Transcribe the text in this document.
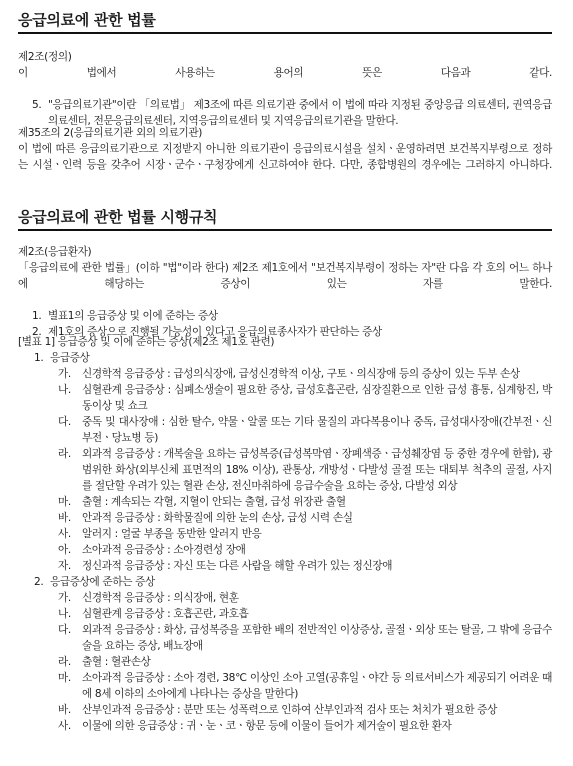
응급의료에 관한 법률
제2조(정의)
이 법에서 사용하는 용어의 뜻은 다음과 같다.
5. "응급의료기관"이란 「의료법」 제3조에 따른 의료기관 중에서 이 법에 따라 지정된 중앙응급 의료센터, 권역응급의료센터, 전문응급의료센터, 지역응급의료센터 및 지역응급의료기관을 말한다.
제35조의 2(응급의료기관 외의 의료기관)
이 법에 따른 응급의료기관으로 지정받지 아니한 의료기관이 응급의료시설을 설치ㆍ운영하려면 보건복지부령으로 정하는 시설ㆍ인력 등을 갖추어 시장ㆍ군수ㆍ구청장에게 신고하여야 한다. 다만, 종합병원의 경우에는 그러하지 아니하다.
응급의료에 관한 법률 시행규칙
제2조(응급환자)
「응급의료에 관한 법률」(이하 "법"이라 한다) 제2조 제1호에서 "보건복지부령이 정하는 자"란 다음 각 호의 어느 하나에 해당하는 증상이 있는 자를 말한다.
1. 별표1의 응급증상 및 이에 준하는 증상
2. 제1호의 증상으로 진행될 가능성이 있다고 응급의료종사자가 판단하는 증상
[별표 1] 응급증상 및 이에 준하는 증상(제2조 제1호 관련)
1. 응급증상
가. 신경학적 응급증상 : 급성의식장애, 급성신경학적 이상, 구토ㆍ의식장애 등의 증상이 있는 두부 손상
나. 심혈관계 응급증상 : 심폐소생술이 필요한 증상, 급성호흡곤란, 심장질환으로 인한 급성 흉통, 심계항진, 박동이상 및 쇼크
다. 중독 및 대사장애 : 심한 탈수, 약물ㆍ알콜 또는 기타 물질의 과다복용이나 중독, 급성대사장애(간부전ㆍ신부전ㆍ당뇨병 등)
라. 외과적 응급증상 : 개복술을 요하는 급성복증(급성복막염ㆍ장폐색증ㆍ급성췌장염 등 중한 경우에 한함), 광범위한 화상(외부신체 표면적의 18% 이상), 관통상, 개방성ㆍ다발성 골절 또는 대퇴부 척추의 골절, 사지를 절단할 우려가 있는 혈관 손상, 전신마취하에 응급수술을 요하는 증상, 다발성 외상
마. 출혈 : 계속되는 각혈, 지혈이 안되는 출혈, 급성 위장관 출혈
바. 안과적 응급증상 : 화학물질에 의한 눈의 손상, 급성 시력 손실
사. 알러지 : 얼굴 부종을 동반한 알러지 반응
아. 소아과적 응급증상 : 소아경련성 장애
자. 정신과적 응급증상 : 자신 또는 다른 사람을 해할 우려가 있는 정신장애
2. 응급증상에 준하는 증상
가. 신경학적 응급증상 : 의식장애, 현훈
나. 심혈관계 응급증상 : 호흡곤란, 과호흡
다. 외과적 응급증상 : 화상, 급성복증을 포함한 배의 전반적인 이상증상, 골절ㆍ외상 또는 탈골, 그 밖에 응급수술을 요하는 증상, 배뇨장애
라. 출혈 : 혈관손상
마. 소아과적 응급증상 : 소아 경련, 38℃ 이상인 소아 고열(공휴일ㆍ야간 등 의료서비스가 제공되기 어려운 때에 8세 이하의 소아에게 나타나는 증상을 말한다)
바. 산부인과적 응급증상 : 분만 또는 성폭력으로 인하여 산부인과적 검사 또는 처치가 필요한 증상
사. 이물에 의한 응급증상 : 귀ㆍ눈ㆍ코ㆍ항문 등에 이물이 들어가 제거술이 필요한 환자
